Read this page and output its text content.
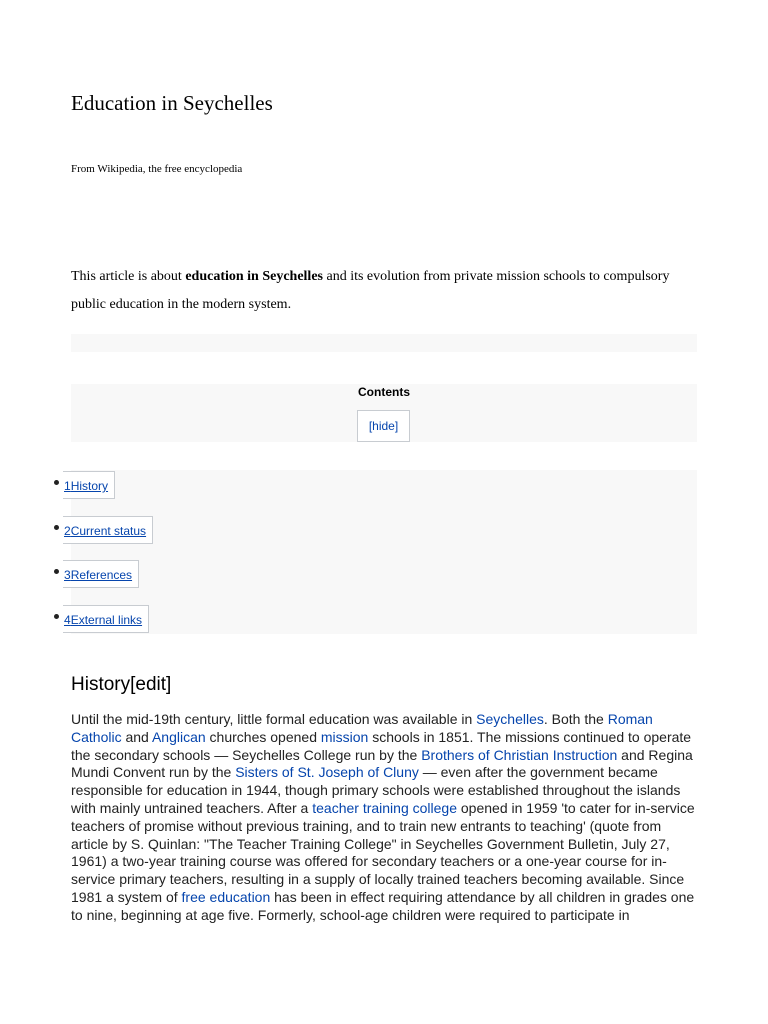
Education in Seychelles
From Wikipedia, the free encyclopedia

This article is about education in Seychelles and its evolution from private mission schools to compulsory public education in the modern system.

Contents
[hide]
1History
2Current status
3References
4External links
History[edit]

Until the mid-19th century, little formal education was available in Seychelles. Both the Roman Catholic and Anglican churches opened mission schools in 1851. The missions continued to operate the secondary schools — Seychelles College run by the Brothers of Christian Instruction and Regina Mundi Convent run by the Sisters of St. Joseph of Cluny — even after the government became responsible for education in 1944, though primary schools were established throughout the islands with mainly untrained teachers. After a teacher training college opened in 1959 'to cater for in-service teachers of promise without previous training, and to train new entrants to teaching' (quote from article by S. Quinlan: "The Teacher Training College" in Seychelles Government Bulletin, July 27, 1961) a two-year training course was offered for secondary teachers or a one-year course for in-service primary teachers, resulting in a supply of locally trained teachers becoming available. Since 1981 a system of free education has been in effect requiring attendance by all children in grades one to nine, beginning at age five. Formerly, school-age children were required to participate in
